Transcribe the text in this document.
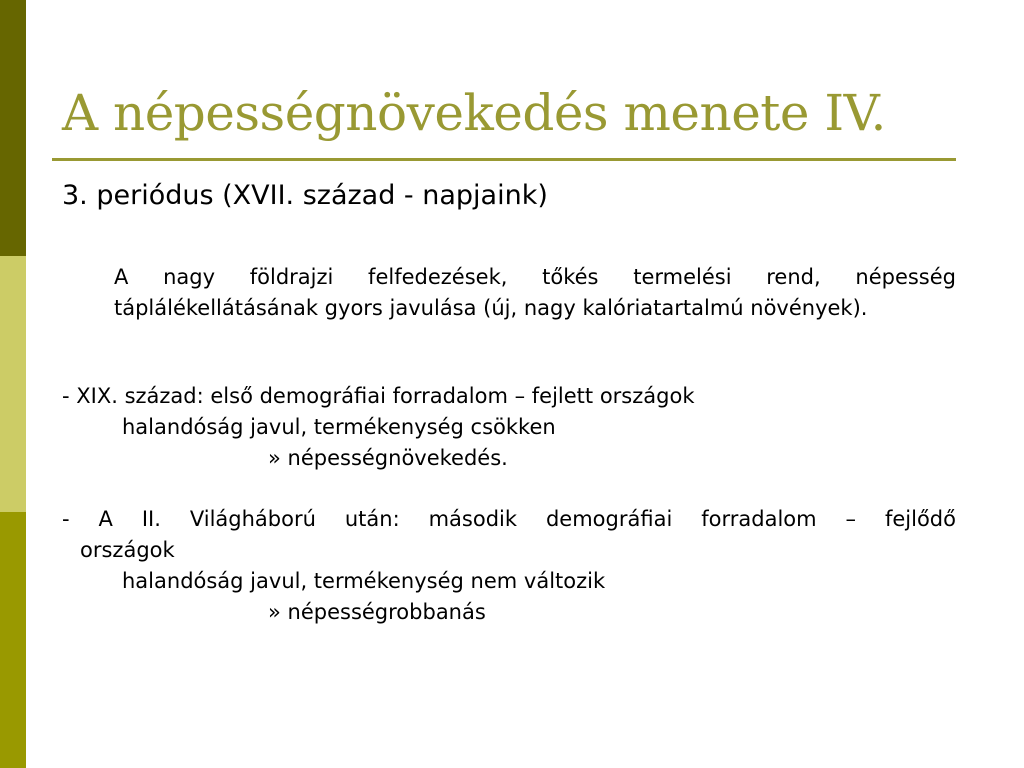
A népességnövekedés menete IV.
3. periódus (XVII. század - napjaink)
A nagy földrajzi felfedezések, tőkés termelési rend, népesség táplálékellátásának gyors javulása (új, nagy kalóriatartalmú növények).
- XIX. század: első demográfiai forradalom – fejlett országok
halandóság javul, termékenység csökken
» népességnövekedés.
- A II. Világháború után: második demográfiai forradalom – fejlődő
országok
halandóság javul, termékenység nem változik
» népességrobbanás
